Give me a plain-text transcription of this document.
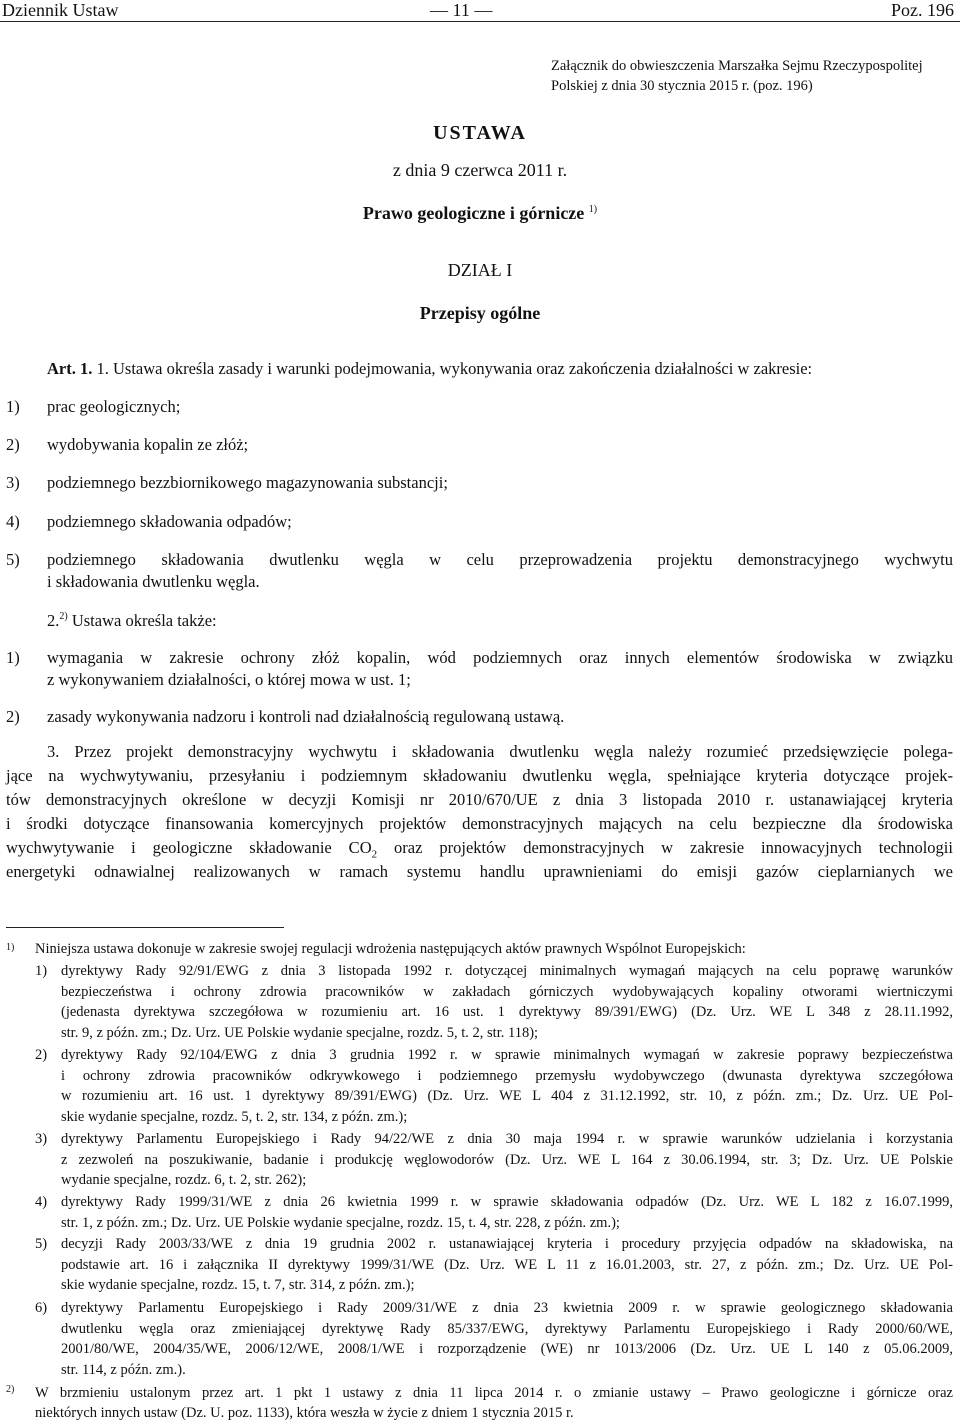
Dziennik Ustaw	— 11 —	Poz. 196
Załącznik do obwieszczenia Marszałka Sejmu Rzeczypospolitej
Polskiej z dnia 30 stycznia 2015 r. (poz. 196)
USTAWA
z dnia 9 czerwca 2011 r.
Prawo geologiczne i górnicze $^{1)}$
DZIAŁ I
Przepisy ogólne
Art. 1. 1. Ustawa określa zasady i warunki podejmowania, wykonywania oraz zakończenia działalności w zakresie:
1) prac geologicznych;
2) wydobywania kopalin ze złóż;
3) podziemnego bezzbiornikowego magazynowania substancji;
4) podziemnego składowania odpadów;
5) podziemnego składowania dwutlenku węgla w celu przeprowadzenia projektu demonstracyjnego wychwytu
i składowania dwutlenku węgla.
2.$^{2)}$ Ustawa określa także:
1) wymagania w zakresie ochrony złóż kopalin, wód podziemnych oraz innych elementów środowiska w związku
z wykonywaniem działalności, o której mowa w ust. 1;
2) zasady wykonywania nadzoru i kontroli nad działalnością regulowaną ustawą.
3. Przez projekt demonstracyjny wychwytu i składowania dwutlenku węgla należy rozumieć przedsięwzięcie polega-
jące na wychwytywaniu, przesyłaniu i podziemnym składowaniu dwutlenku węgla, spełniające kryteria dotyczące projek-
tów demonstracyjnych określone w decyzji Komisji nr 2010/670/UE z dnia 3 listopada 2010 r. ustanawiającej kryteria
i środki dotyczące finansowania komercyjnych projektów demonstracyjnych mających na celu bezpieczne dla środowiska
wychwytywanie i geologiczne składowanie $CO_2$ oraz projektów demonstracyjnych w zakresie innowacyjnych technologii
energetyki odnawialnej realizowanych w ramach systemu handlu uprawnieniami do emisji gazów cieplarnianych we
1) Niniejsza ustawa dokonuje w zakresie swojej regulacji wdrożenia następujących aktów prawnych Wspólnot Europejskich:
1) dyrektywy Rady 92/91/EWG z dnia 3 listopada 1992 r. dotyczącej minimalnych wymagań mających na celu poprawę warunków
bezpieczeństwa i ochrony zdrowia pracowników w zakładach górniczych wydobywających kopaliny otworami wiertniczymi
(jedenasta dyrektywa szczegółowa w rozumieniu art. 16 ust. 1 dyrektywy 89/391/EWG) (Dz. Urz. WE L 348 z 28.11.1992,
str. 9, z późn. zm.; Dz. Urz. UE Polskie wydanie specjalne, rozdz. 5, t. 2, str. 118);
2) dyrektywy Rady 92/104/EWG z dnia 3 grudnia 1992 r. w sprawie minimalnych wymagań w zakresie poprawy bezpieczeństwa
i ochrony zdrowia pracowników odkrywkowego i podziemnego przemysłu wydobywczego (dwunasta dyrektywa szczegółowa
w rozumieniu art. 16 ust. 1 dyrektywy 89/391/EWG) (Dz. Urz. WE L 404 z 31.12.1992, str. 10, z późn. zm.; Dz. Urz. UE Pol-
skie wydanie specjalne, rozdz. 5, t. 2, str. 134, z późn. zm.);
3) dyrektywy Parlamentu Europejskiego i Rady 94/22/WE z dnia 30 maja 1994 r. w sprawie warunków udzielania i korzystania
z zezwoleń na poszukiwanie, badanie i produkcję węglowodorów (Dz. Urz. WE L 164 z 30.06.1994, str. 3; Dz. Urz. UE Polskie
wydanie specjalne, rozdz. 6, t. 2, str. 262);
4) dyrektywy Rady 1999/31/WE z dnia 26 kwietnia 1999 r. w sprawie składowania odpadów (Dz. Urz. WE L 182 z 16.07.1999,
str. 1, z późn. zm.; Dz. Urz. UE Polskie wydanie specjalne, rozdz. 15, t. 4, str. 228, z późn. zm.);
5) decyzji Rady 2003/33/WE z dnia 19 grudnia 2002 r. ustanawiającej kryteria i procedury przyjęcia odpadów na składowiska, na
podstawie art. 16 i załącznika II dyrektywy 1999/31/WE (Dz. Urz. WE L 11 z 16.01.2003, str. 27, z późn. zm.; Dz. Urz. UE Pol-
skie wydanie specjalne, rozdz. 15, t. 7, str. 314, z późn. zm.);
6) dyrektywy Parlamentu Europejskiego i Rady 2009/31/WE z dnia 23 kwietnia 2009 r. w sprawie geologicznego składowania
dwutlenku węgla oraz zmieniającej dyrektywę Rady 85/337/EWG, dyrektywy Parlamentu Europejskiego i Rady 2000/60/WE,
2001/80/WE, 2004/35/WE, 2006/12/WE, 2008/1/WE i rozporządzenie (WE) nr 1013/2006 (Dz. Urz. UE L 140 z 05.06.2009,
str. 114, z późn. zm.).
2) W brzmieniu ustalonym przez art. 1 pkt 1 ustawy z dnia 11 lipca 2014 r. o zmianie ustawy – Prawo geologiczne i górnicze oraz
niektórych innych ustaw (Dz. U. poz. 1133), która weszła w życie z dniem 1 stycznia 2015 r.
